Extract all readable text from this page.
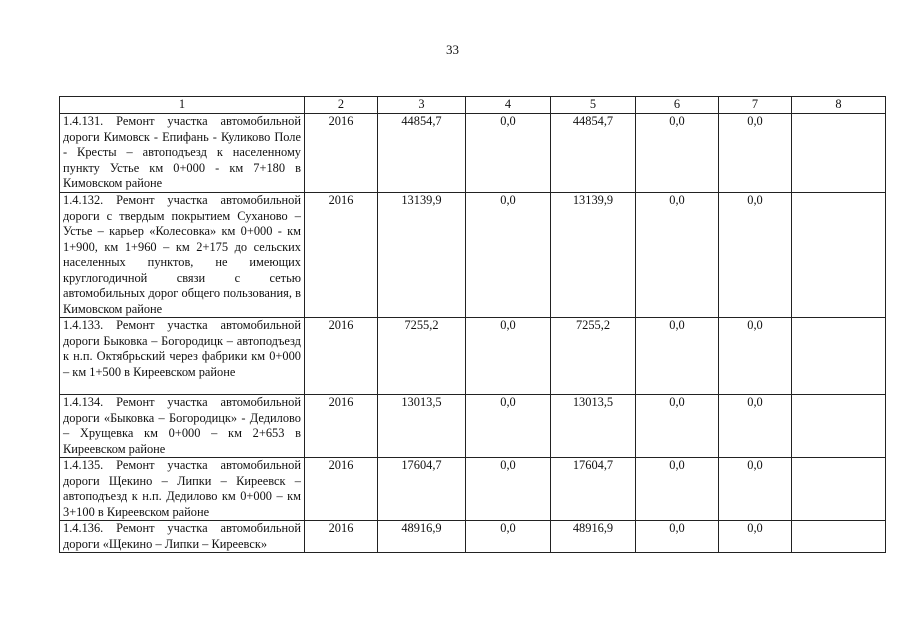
33
1	2	3	4	5	6	7	8
1.4.131. Ремонт участка автомобильной дороги Кимовск - Епифань - Куликово Поле - Кресты – автоподъезд к населенному пункту Устье км 0+000 - км 7+180 в Кимовском районе	2016	44854,7	0,0	44854,7	0,0	0,0	
1.4.132. Ремонт участка автомобильной дороги с твердым покрытием Суханово – Устье – карьер «Колесовка» км 0+000 - км 1+900, км 1+960 – км 2+175 до сельских населенных пунктов, не имеющих круглогодичной связи с сетью автомобильных дорог общего пользования, в Кимовском районе	2016	13139,9	0,0	13139,9	0,0	0,0	
1.4.133. Ремонт участка автомобильной дороги Быковка – Богородицк – автоподъезд к н.п. Октябрьский через фабрики км 0+000 – км 1+500 в Киреевском районе	2016	7255,2	0,0	7255,2	0,0	0,0	
1.4.134. Ремонт участка автомобильной дороги «Быковка – Богородицк» - Дедилово – Хрущевка км 0+000 – км 2+653 в Киреевском районе	2016	13013,5	0,0	13013,5	0,0	0,0	
1.4.135. Ремонт участка автомобильной дороги Щекино – Липки – Киреевск – автоподъезд к н.п. Дедилово км 0+000 – км 3+100 в Киреевском районе	2016	17604,7	0,0	17604,7	0,0	0,0	
1.4.136. Ремонт участка автомобильной дороги «Щекино – Липки – Киреевск»	2016	48916,9	0,0	48916,9	0,0	0,0	
